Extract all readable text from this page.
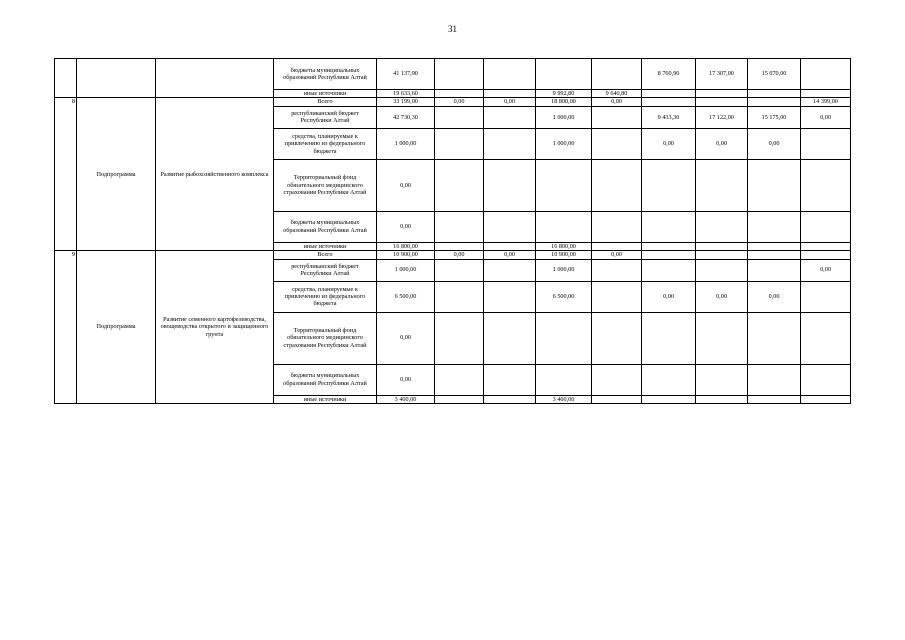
31
			бюджеты муниципальных образований Республики Алтай	41 137,90					8 760,90	17 307,00	15 070,00	
			иные источники	19 633,60			9 992,80	9 640,80				
8	Подпрограмма	Развитие рыбохозяйственного комплекса	Всего	33 199,00	0,00	0,00	18 800,00	0,00				14 399,00
			республиканский бюджет Республики Алтай	42 730,30			1 000,00		9 433,30	17 122,00	15 175,00	0,00
			средства, планируемые к привлечению из федерального бюджета	1 000,00			1 000,00		0,00	0,00	0,00	
			Территориальный фонд обязательного медицинского страхования Республики Алтай	0,00								
			бюджеты муниципальных образований Республики Алтай	0,00								
			иные источники	16 800,00			16 800,00					
9	Подпрограмма	Развитие семенного картофелеводства, овощеводства открытого и защищенного грунта	Всего	10 900,00	0,00	0,00	10 900,00	0,00				
			республиканский бюджет Республики Алтай	1 000,00			1 000,00					0,00
			средства, планируемые к привлечению из федерального бюджета	6 500,00			6 500,00		0,00	0,00	0,00	
			Территориальный фонд обязательного медицинского страхования Республики Алтай	0,00								
			бюджеты муниципальных образований Республики Алтай	0,00								
			иные источники	3 400,00			3 400,00					
